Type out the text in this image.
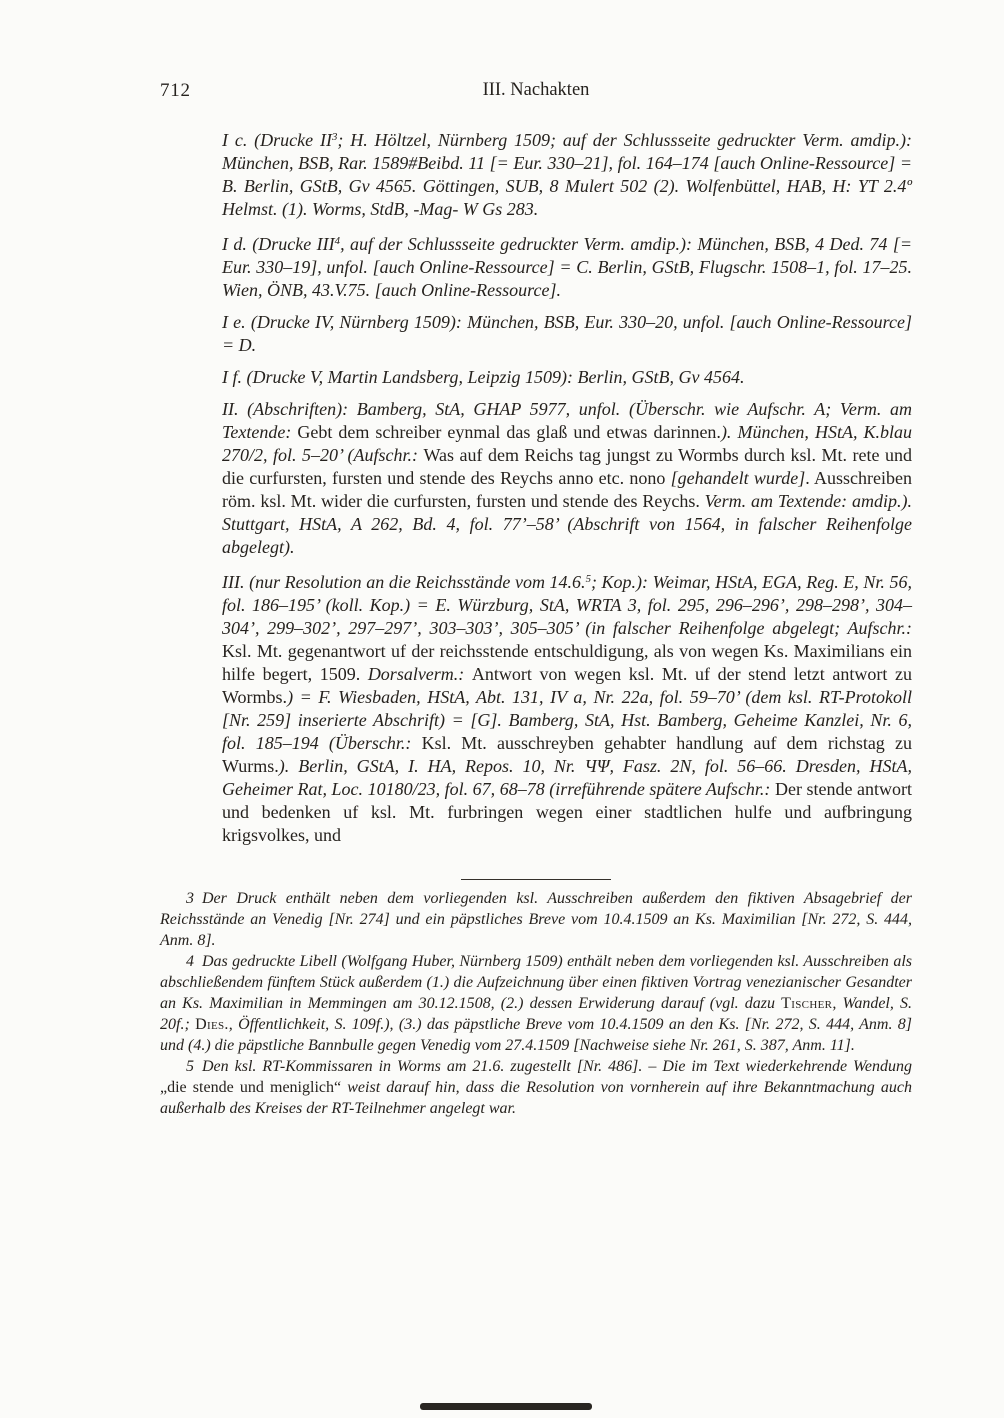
712	III. Nachakten

I c. (Drucke $II^3$; H. Höltzel, Nürnberg 1509; auf der Schlussseite gedruckter Verm. amdip.): München, BSB, Rar. 1589#Beibd. 11 [= Eur. 330–21], fol. 164–174 [auch Online-Ressource] = B. Berlin, GStB, Gv 4565. Göttingen, SUB, 8 Mulert 502 (2). Wolfenbüttel, HAB, H: YT 2.4º Helmst. (1). Worms, StdB, -Mag- W Gs 283.

I d. (Drucke III$^4$, auf der Schlussseite gedruckter Verm. amdip.): München, BSB, 4 Ded. 74 [= Eur. 330–19], unfol. [auch Online-Ressource] = C. Berlin, GStB, Flugschr. 1508–1, fol. 17–25. Wien, ÖNB, 43.V.75. [auch Online-Ressource].

I e. (Drucke IV, Nürnberg 1509): München, BSB, Eur. 330–20, unfol. [auch Online-Ressource] = D.

I f. (Drucke V, Martin Landsberg, Leipzig 1509): Berlin, GStB, Gv 4564.

II. (Abschriften): Bamberg, StA, GHAP 5977, unfol. (Überschr. wie Aufschr. A; Verm. am Textende: Gebt dem schreiber eynmal das glaß und etwas darinnen.). München, HStA, K.blau 270/2, fol. 5–20’ (Aufschr.: Was auf dem Reichs tag jungst zu Wormbs durch ksl. Mt. rete und die curfursten, fursten und stende des Reychs anno etc. nono [gehandelt wurde]. Ausschreiben röm. ksl. Mt. wider die curfursten, fursten und stende des Reychs. Verm. am Textende: amdip.). Stuttgart, HStA, A 262, Bd. 4, fol. 77’–58’ (Abschrift von 1564, in falscher Reihenfolge abgelegt).

III. (nur Resolution an die Reichsstände vom 14.6.$^5$; Kop.): Weimar, HStA, EGA, Reg. E, Nr. 56, fol. 186–195’ (koll. Kop.) = E. Würzburg, StA, WRTA 3, fol. 295, 296–296’, 298–298’, 304–304’, 299–302’, 297–297’, 303–303’, 305–305’ (in falscher Reihenfolge abgelegt; Aufschr.: Ksl. Mt. gegenantwort uf der reichsstende entschuldigung, als von wegen Ks. Maximilians ein hilfe begert, 1509. Dorsalverm.: Antwort von wegen ksl. Mt. uf der stend letzt antwort zu Wormbs.) = F. Wiesbaden, HStA, Abt. 131, IV a, Nr. 22a, fol. 59–70’ (dem ksl. RT-Protokoll [Nr. 259] inserierte Abschrift) = [G]. Bamberg, StA, Hst. Bamberg, Geheime Kanzlei, Nr. 6, fol. 185–194 (Überschr.: Ksl. Mt. ausschreyben gehabter handlung auf dem richstag zu Wurms.). Berlin, GStA, I. HA, Repos. 10, Nr. ЧΨ, Fasz. 2N, fol. 56–66. Dresden, HStA, Geheimer Rat, Loc. 10180/23, fol. 67, 68–78 (irreführende spätere Aufschr.: Der stende antwort und bedenken uf ksl. Mt. furbringen wegen einer stadtlichen hulfe und aufbringung krigsvolkes, und

3 Der Druck enthält neben dem vorliegenden ksl. Ausschreiben außerdem den fiktiven Absagebrief der Reichsstände an Venedig [Nr. 274] und ein päpstliches Breve vom 10.4.1509 an Ks. Maximilian [Nr. 272, S. 444, Anm. 8].

4 Das gedruckte Libell (Wolfgang Huber, Nürnberg 1509) enthält neben dem vorliegenden ksl. Ausschreiben als abschließendem fünftem Stück außerdem (1.) die Aufzeichnung über einen fiktiven Vortrag venezianischer Gesandter an Ks. Maximilian in Memmingen am 30.12.1508, (2.) dessen Erwiderung darauf (vgl. dazu Tischer, Wandel, S. 20f.; Dies., Öffentlichkeit, S. 109f.), (3.) das päpstliche Breve vom 10.4.1509 an den Ks. [Nr. 272, S. 444, Anm. 8] und (4.) die päpstliche Bannbulle gegen Venedig vom 27.4.1509 [Nachweise siehe Nr. 261, S. 387, Anm. 11].

5 Den ksl. RT-Kommissaren in Worms am 21.6. zugestellt [Nr. 486]. – Die im Text wiederkehrende Wendung „die stende und meniglich“ weist darauf hin, dass die Resolution von vornherein auf ihre Bekanntmachung auch außerhalb des Kreises der RT-Teilnehmer angelegt war.
